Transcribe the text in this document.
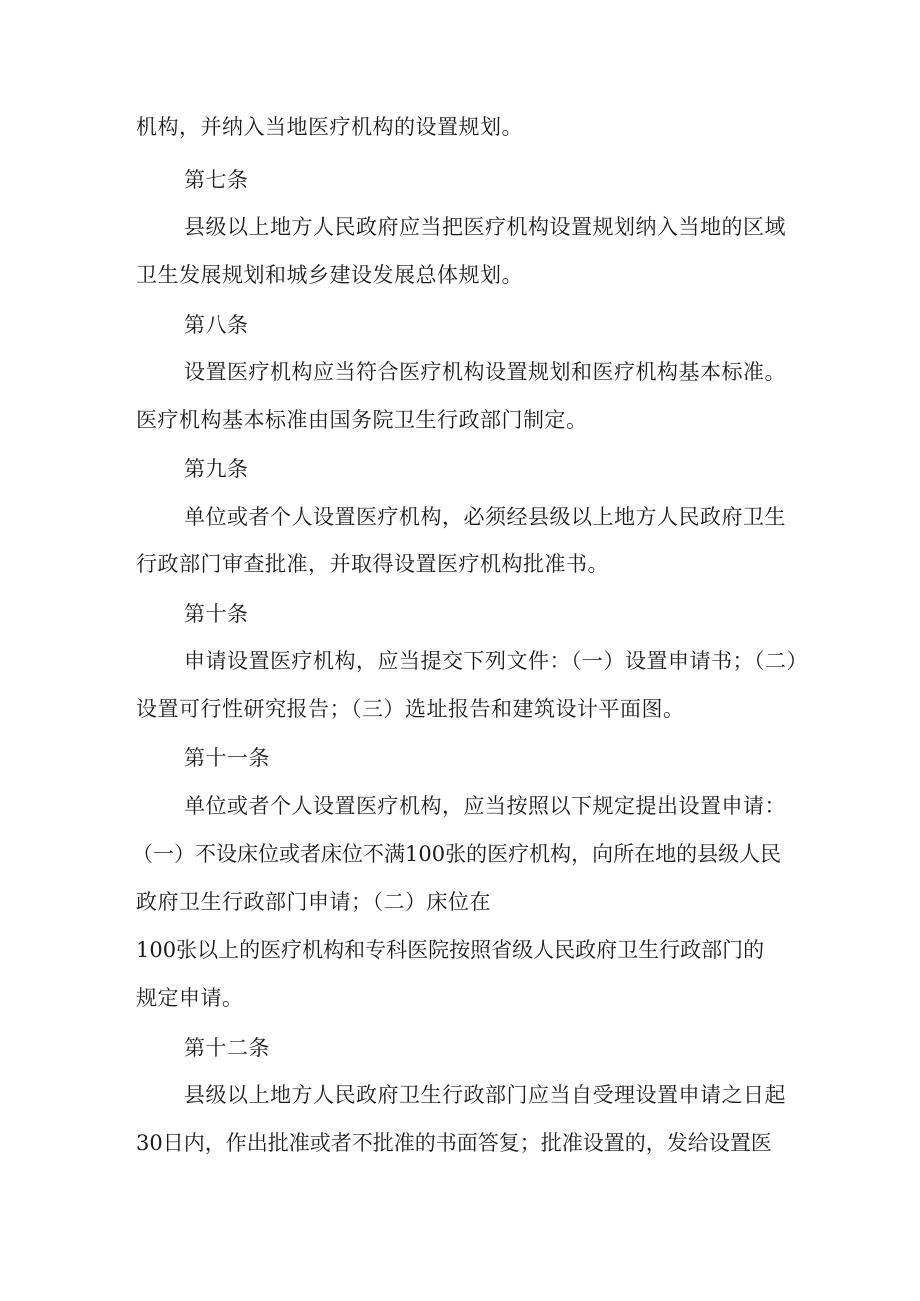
机构，并纳入当地医疗机构的设置规划。
第七条
县级以上地方人民政府应当把医疗机构设置规划纳入当地的区域
卫生发展规划和城乡建设发展总体规划。
第八条
设置医疗机构应当符合医疗机构设置规划和医疗机构基本标准。
医疗机构基本标准由国务院卫生行政部门制定。
第九条
单位或者个人设置医疗机构，必须经县级以上地方人民政府卫生
行政部门审查批准，并取得设置医疗机构批准书。
第十条
申请设置医疗机构，应当提交下列文件：（一）设置申请书；（二）
设置可行性研究报告；（三）选址报告和建筑设计平面图。
第十一条
单位或者个人设置医疗机构，应当按照以下规定提出设置申请：
（一）不设床位或者床位不满100张的医疗机构，向所在地的县级人民
政府卫生行政部门申请；（二）床位在
100张以上的医疗机构和专科医院按照省级人民政府卫生行政部门的
规定申请。
第十二条
县级以上地方人民政府卫生行政部门应当自受理设置申请之日起
30日内，作出批准或者不批准的书面答复；批准设置的，发给设置医
